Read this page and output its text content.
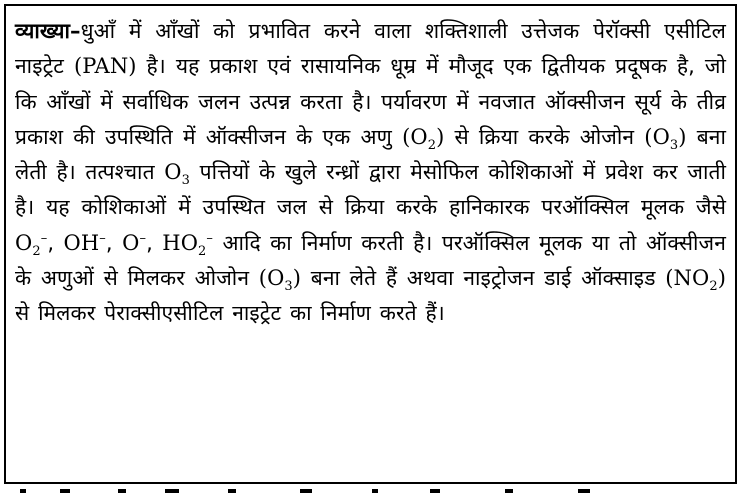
व्याख्या–धुआँ में आँखों को प्रभावित करने वाला शक्तिशाली उत्तेजक पेरॉक्सी एसीटिल नाइट्रेट (PAN) है। यह प्रकाश एवं रासायनिक धूम्र में मौजूद एक द्वितीयक प्रदूषक है, जो कि आँखों में सर्वाधिक जलन उत्पन्न करता है। पर्यावरण में नवजात ऑक्सीजन सूर्य के तीव्र प्रकाश की उपस्थिति में ऑक्सीजन के एक अणु $(O_2)$ से क्रिया करके ओजोन $(O_3)$ बना लेती है। तत्पश्चात $O_3$ पत्तियों के खुले रन्ध्रों द्वारा मेसोफिल कोशिकाओं में प्रवेश कर जाती है। यह कोशिकाओं में उपस्थित जल से क्रिया करके हानिकारक परऑक्सिल मूलक जैसे $O_2^-$, OH–, O–, $HO_2^-$ आदि का निर्माण करती है। परऑक्सिल मूलक या तो ऑक्सीजन के अणुओं से मिलकर ओजोन $(O_3)$ बना लेते हैं अथवा नाइट्रोजन डाई ऑक्साइड $(NO_2)$ से मिलकर पेराक्सीएसीटिल नाइट्रेट का निर्माण करते हैं।
